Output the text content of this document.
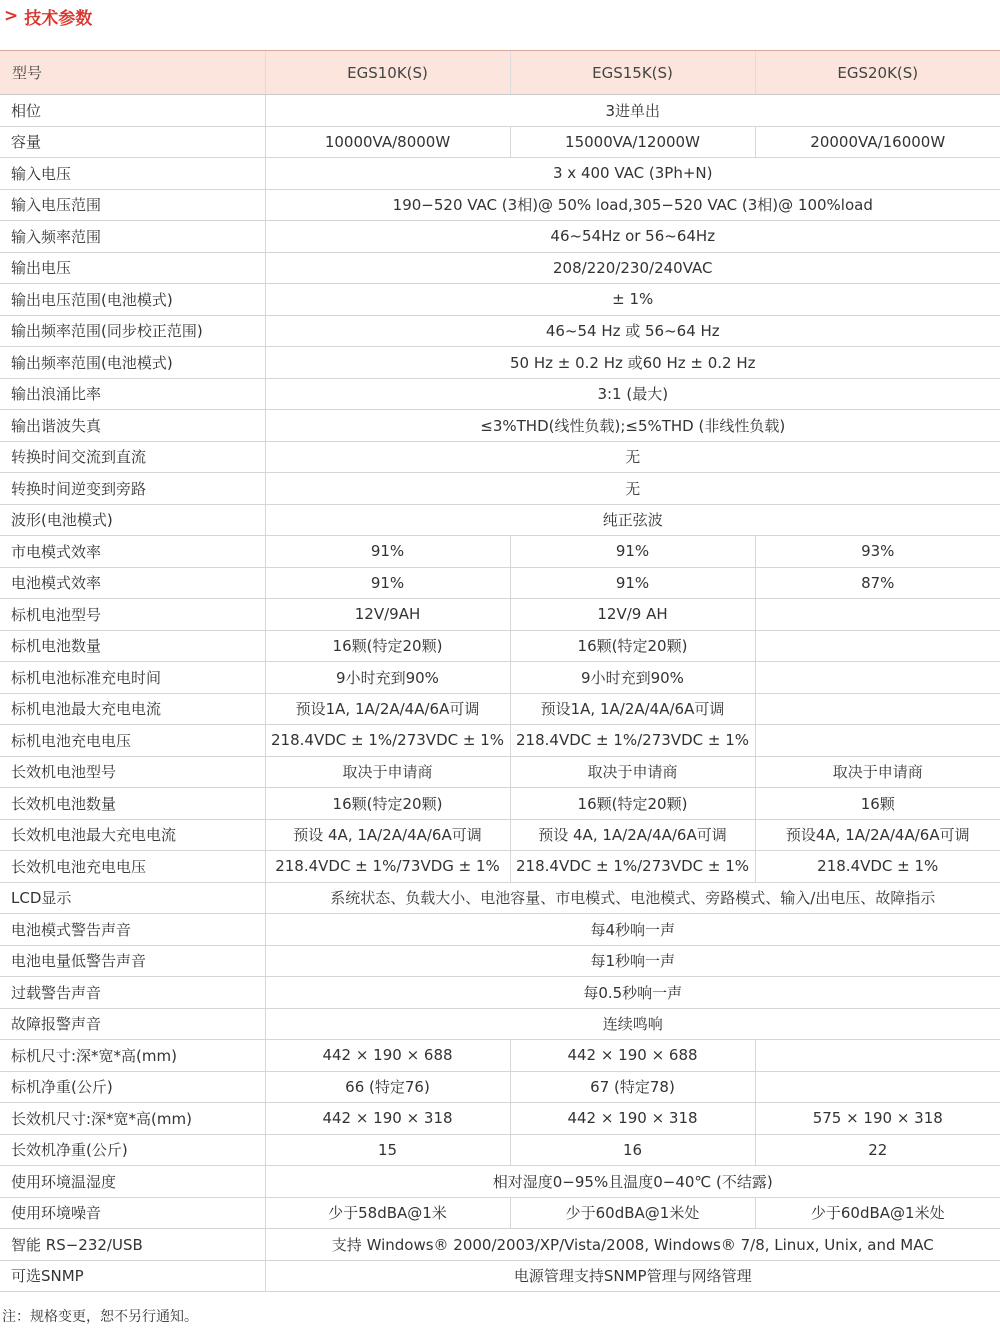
> 技术参数
型号	EGS10K(S)	EGS15K(S)	EGS20K(S)
相位	3进单出		
容量	10000VA/8000W	15000VA/12000W	20000VA/16000W
输入电压	3 x 400 VAC (3Ph+N)		
输入电压范围	190−520 VAC (3相)@ 50% load,305−520 VAC (3相)@ 100%load		
输入频率范围	46~54Hz or 56~64Hz		
输出电压	208/220/230/240VAC		
输出电压范围(电池模式)	± 1%		
输出频率范围(同步校正范围)	46~54 Hz 或 56~64 Hz		
输出频率范围(电池模式)	50 Hz ± 0.2 Hz 或60 Hz ± 0.2 Hz		
输出浪涌比率	3:1 (最大)		
输出谐波失真	≤3%THD(线性负载);≤5%THD (非线性负载)		
转换时间交流到直流	无		
转换时间逆变到旁路	无		
波形(电池模式)	纯正弦波		
市电模式效率	91%	91%	93%
电池模式效率	91%	91%	87%
标机电池型号	12V/9AH	12V/9 AH	
标机电池数量	16颗(特定20颗)	16颗(特定20颗)	
标机电池标准充电时间	9小时充到90%	9小时充到90%	
标机电池最大充电电流	预设1A, 1A/2A/4A/6A可调	预设1A, 1A/2A/4A/6A可调	
标机电池充电电压	218.4VDC ± 1%/273VDC ± 1%	218.4VDC ± 1%/273VDC ± 1%	
长效机电池型号	取决于申请商	取决于申请商	取决于申请商
长效机电池数量	16颗(特定20颗)	16颗(特定20颗)	16颗
长效机电池最大充电电流	预设 4A, 1A/2A/4A/6A可调	预设 4A, 1A/2A/4A/6A可调	预设4A, 1A/2A/4A/6A可调
长效机电池充电电压	218.4VDC ± 1%/73VDG ± 1%	218.4VDC ± 1%/273VDC ± 1%	218.4VDC ± 1%
LCD显示	系统状态、负载大小、电池容量、市电模式、电池模式、旁路模式、输入/出电压、故障指示		
电池模式警告声音	每4秒响一声		
电池电量低警告声音	每1秒响一声		
过载警告声音	每0.5秒响一声		
故障报警声音	连续鸣响		
标机尺寸:深*宽*高(mm)	442 × 190 × 688	442 × 190 × 688	
标机净重(公斤)	66 (特定76)	67 (特定78)	
长效机尺寸:深*宽*高(mm)	442 × 190 × 318	442 × 190 × 318	575 × 190 × 318
长效机净重(公斤)	15	16	22
使用环境温湿度	相对湿度0−95%且温度0−40℃ (不结露)		
使用环境噪音	少于58dBA@1米	少于60dBA@1米处	少于60dBA@1米处
智能 RS−232/USB	支持 Windows® 2000/2003/XP/Vista/2008, Windows® 7/8, Linux, Unix, and MAC		
可选SNMP	电源管理支持SNMP管理与网络管理		
注：规格变更，恕不另行通知。
